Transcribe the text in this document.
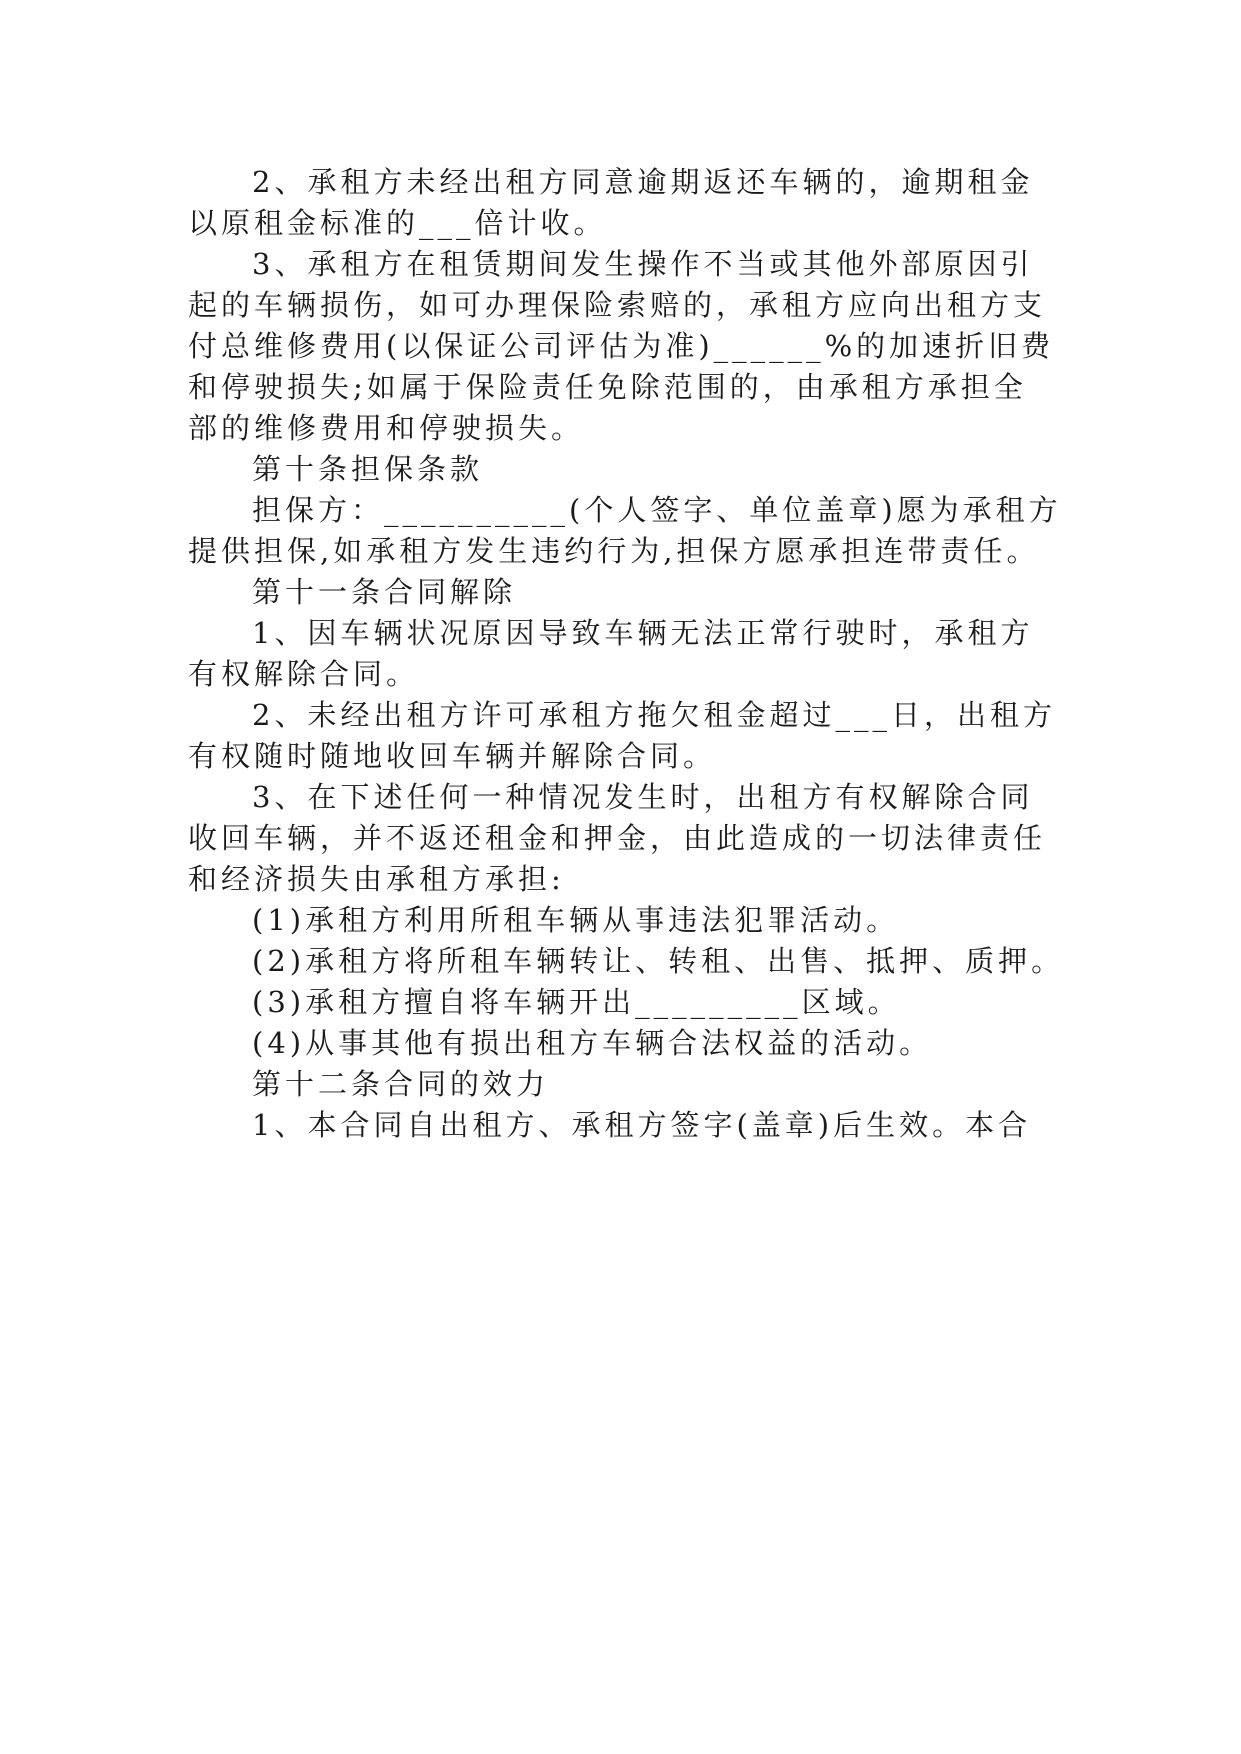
2、承租方未经出租方同意逾期返还车辆的，逾期租金
以原租金标准的___倍计收。
3、承租方在租赁期间发生操作不当或其他外部原因引
起的车辆损伤，如可办理保险索赔的，承租方应向出租方支
付总维修费用(以保证公司评估为准)______%的加速折旧费
和停驶损失;如属于保险责任免除范围的，由承租方承担全
部的维修费用和停驶损失。
第十条担保条款
担保方：__________(个人签字、单位盖章)愿为承租方
提供担保,如承租方发生违约行为,担保方愿承担连带责任。
第十一条合同解除
1、因车辆状况原因导致车辆无法正常行驶时，承租方
有权解除合同。
2、未经出租方许可承租方拖欠租金超过___日，出租方
有权随时随地收回车辆并解除合同。
3、在下述任何一种情况发生时，出租方有权解除合同
收回车辆，并不返还租金和押金，由此造成的一切法律责任
和经济损失由承租方承担:
(1)承租方利用所租车辆从事违法犯罪活动。
(2)承租方将所租车辆转让、转租、出售、抵押、质押。
(3)承租方擅自将车辆开出_________区域。
(4)从事其他有损出租方车辆合法权益的活动。
第十二条合同的效力
1、本合同自出租方、承租方签字(盖章)后生效。本合
